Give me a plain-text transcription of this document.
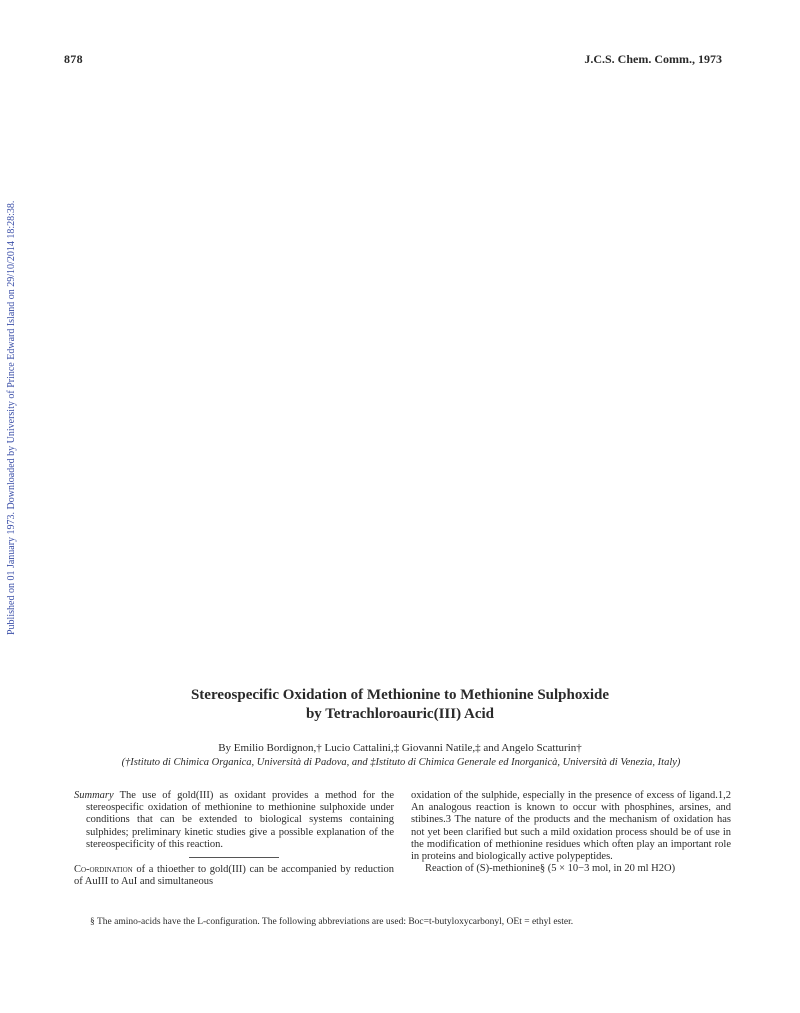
878	J.C.S. Chem. Comm., 1973
Published on 01 January 1973. Downloaded by University of Prince Edward Island on 29/10/2014 18:28:38.
Stereospecific Oxidation of Methionine to Methionine Sulphoxide
by Tetrachloroauric(III) Acid
By Emilio Bordignon,† Lucio Cattalini,‡ Giovanni Natile,‡ and Angelo Scatturin†
(†Istituto di Chimica Organica, Università di Padova, and ‡Istituto di Chimica Generale ed Inorganicà, Università di Venezia, Italy)

Summary The use of gold(III) as oxidant provides a method for the stereospecific oxidation of methionine to methionine sulphoxide under conditions that can be extended to biological systems containing sulphides; preliminary kinetic studies give a possible explanation of the stereospecificity of this reaction.

Co-ordination of a thioether to gold(III) can be accompanied by reduction of AuIII to AuI and simultaneous

oxidation of the sulphide, especially in the presence of excess of ligand.1,2 An analogous reaction is known to occur with phosphines, arsines, and stibines.3 The nature of the products and the mechanism of oxidation has not yet been clarified but such a mild oxidation process should be of use in the modification of methionine residues which often play an important role in proteins and biologically active polypeptides.

Reaction of (S)-methionine§ (5 × 10−3 mol, in 20 ml H2O)

§ The amino-acids have the L-configuration. The following abbreviations are used: Boc=t-butyloxycarbonyl, OEt = ethyl ester.
